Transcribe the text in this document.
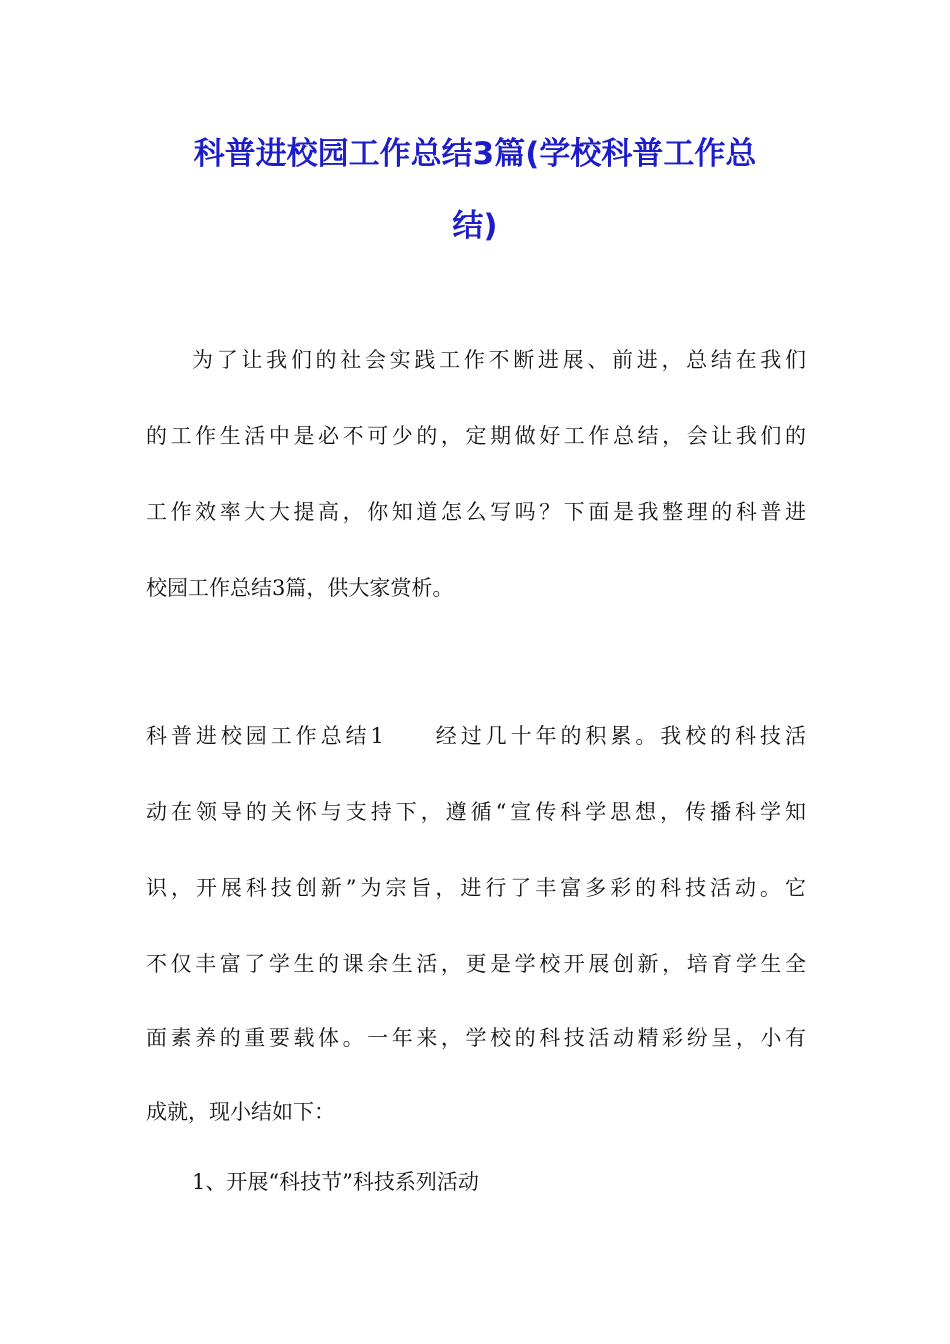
科普进校园工作总结3篇(学校科普工作总
结)
为了让我们的社会实践工作不断进展、前进，总结在我们
的工作生活中是必不可少的，定期做好工作总结，会让我们的
工作效率大大提高，你知道怎么写吗？下面是我整理的科普进
校园工作总结3篇，供大家赏析。
科普进校园工作总结1 经过几十年的积累。我校的科技活
动在领导的关怀与支持下，遵循“宣传科学思想，传播科学知
识，开展科技创新”为宗旨，进行了丰富多彩的科技活动。它
不仅丰富了学生的课余生活，更是学校开展创新，培育学生全
面素养的重要载体。一年来，学校的科技活动精彩纷呈，小有
成就，现小结如下：
1、开展“科技节”科技系列活动
